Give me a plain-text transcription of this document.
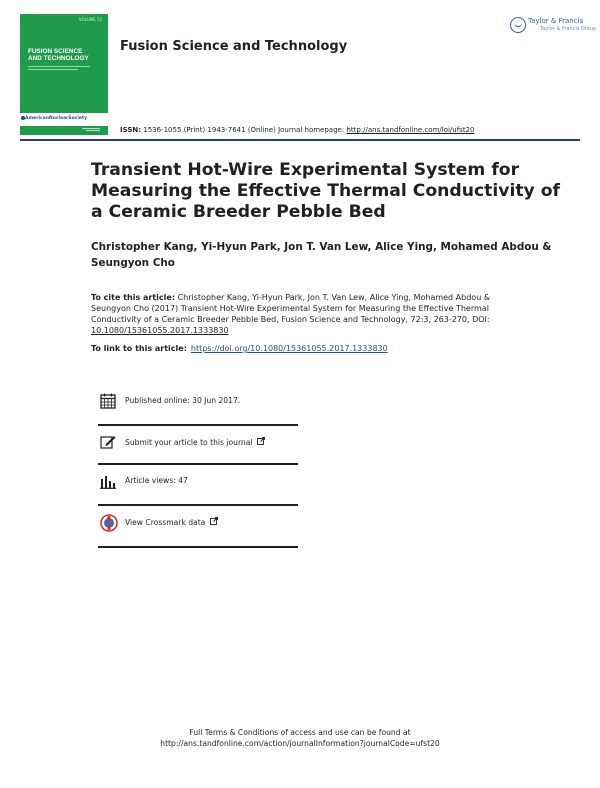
VOLUME 72
FUSION SCIENCE
AND TECHNOLOGY
AmericanNuclearSociety
Fusion Science and Technology
Taylor & Francis
Taylor & Francis Group
ISSN: 1536-1055 (Print) 1943-7641 (Online) Journal homepage: http://ans.tandfonline.com/loi/ufst20
Transient Hot-Wire Experimental System for Measuring the Effective Thermal Conductivity of a Ceramic Breeder Pebble Bed
Christopher Kang, Yi-Hyun Park, Jon T. Van Lew, Alice Ying, Mohamed Abdou & Seungyon Cho
To cite this article: Christopher Kang, Yi-Hyun Park, Jon T. Van Lew, Alice Ying, Mohamed Abdou & Seungyon Cho (2017) Transient Hot-Wire Experimental System for Measuring the Effective Thermal Conductivity of a Ceramic Breeder Pebble Bed, Fusion Science and Technology, 72:3, 263-270, DOI: 10.1080/15361055.2017.1333830
To link to this article: https://doi.org/10.1080/15361055.2017.1333830
Published online: 30 Jun 2017.
Submit your article to this journal
Article views: 47
View Crossmark data
Full Terms & Conditions of access and use can be found at
http://ans.tandfonline.com/action/journalInformation?journalCode=ufst20
